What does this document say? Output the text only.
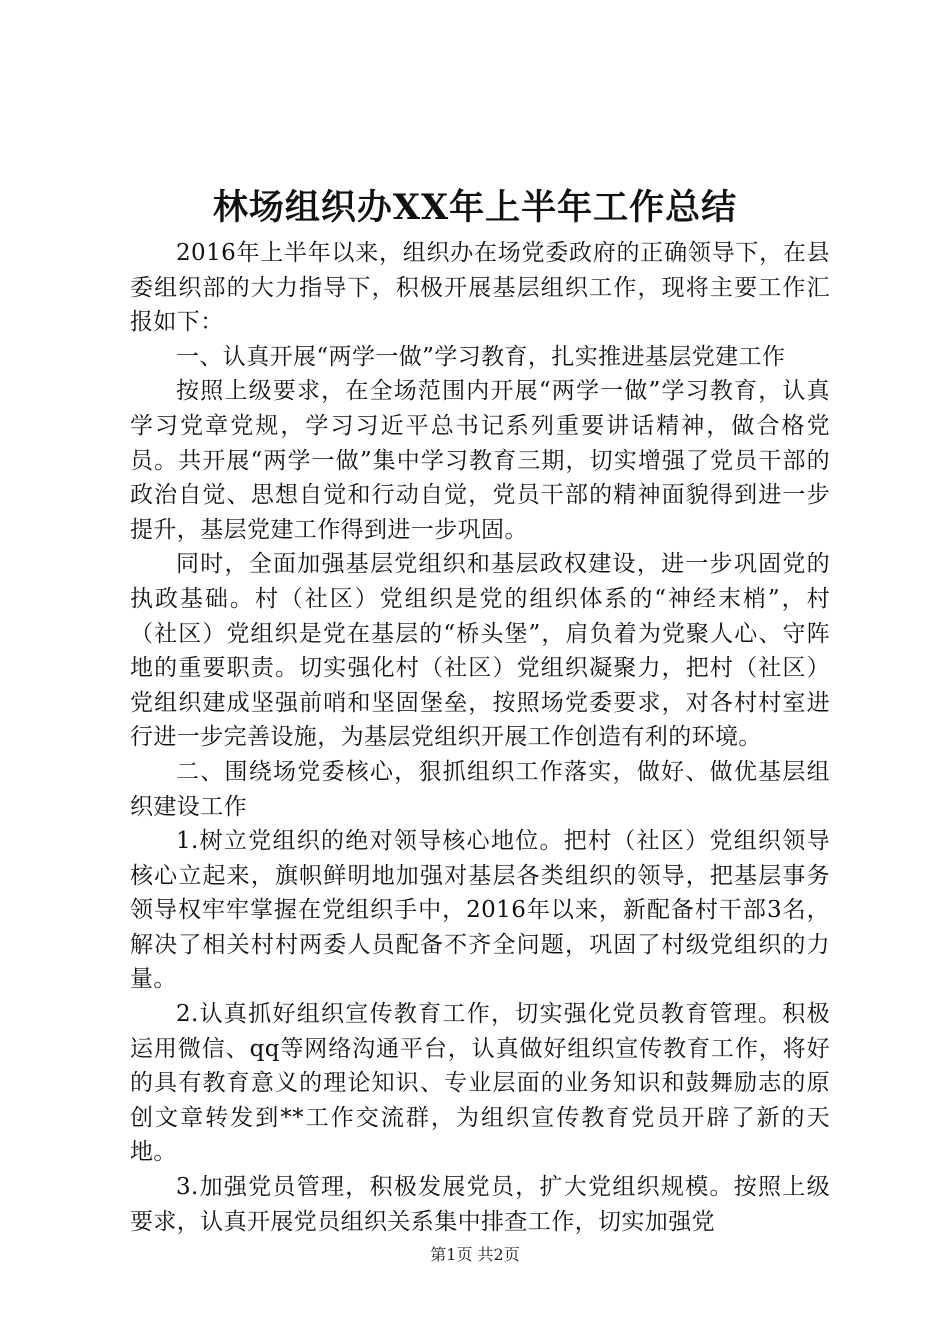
林场组织办XX年上半年工作总结

2016年上半年以来，组织办在场党委政府的正确领导下，在县委组织部的大力指导下，积极开展基层组织工作，现将主要工作汇报如下：

一、认真开展“两学一做”学习教育，扎实推进基层党建工作

按照上级要求，在全场范围内开展“两学一做”学习教育，认真学习党章党规，学习习近平总书记系列重要讲话精神，做合格党员。共开展“两学一做”集中学习教育三期，切实增强了党员干部的政治自觉、思想自觉和行动自觉，党员干部的精神面貌得到进一步提升，基层党建工作得到进一步巩固。

同时，全面加强基层党组织和基层政权建设，进一步巩固党的执政基础。村（社区）党组织是党的组织体系的“神经末梢”，村（社区）党组织是党在基层的“桥头堡”，肩负着为党聚人心、守阵地的重要职责。切实强化村（社区）党组织凝聚力，把村（社区）党组织建成坚强前哨和坚固堡垒，按照场党委要求，对各村村室进行进一步完善设施，为基层党组织开展工作创造有利的环境。

二、围绕场党委核心，狠抓组织工作落实，做好、做优基层组织建设工作

1.树立党组织的绝对领导核心地位。把村（社区）党组织领导核心立起来，旗帜鲜明地加强对基层各类组织的领导，把基层事务领导权牢牢掌握在党组织手中，2016年以来，新配备村干部3名，解决了相关村村两委人员配备不齐全问题，巩固了村级党组织的力量。

2.认真抓好组织宣传教育工作，切实强化党员教育管理。积极运用微信、qq等网络沟通平台，认真做好组织宣传教育工作，将好的具有教育意义的理论知识、专业层面的业务知识和鼓舞励志的原创文章转发到**工作交流群，为组织宣传教育党员开辟了新的天地。

3.加强党员管理，积极发展党员，扩大党组织规模。按照上级要求，认真开展党员组织关系集中排查工作，切实加强党

第1页 共2页
